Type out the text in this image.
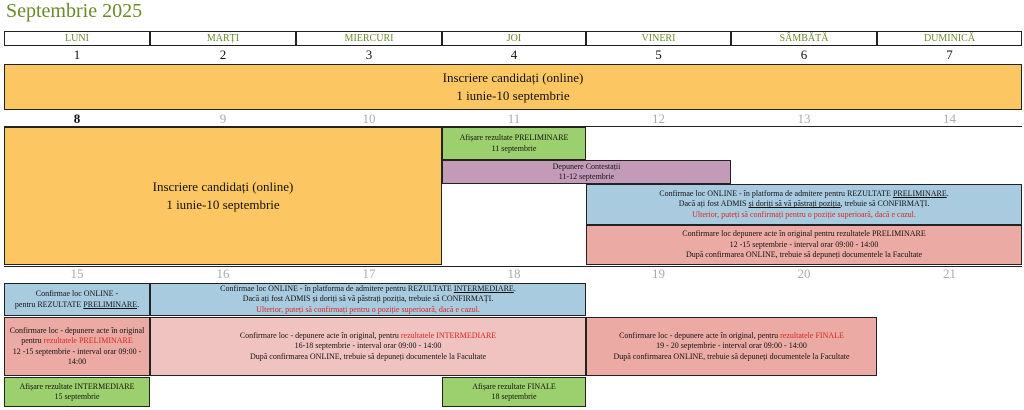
Septembrie 2025
LUNI	MARȚI	MIERCURI	JOI	VINERI	SÂMBĂTĂ	DUMINICĂ
1	2	3	4	5	6	7
Inscriere candidați (online)
1 iunie-10 septembrie
8	9	10	11	12	13	14
Inscriere candidați (online)
1 iunie-10 septembrie
Afișare rezultate PRELIMINARE
11 septembrie
Depunere Contestații
11-12 septembrie
Confirmae loc ONLINE - în platforma de admitere pentru REZULTATE PRELIMINARE.
Dacă ați fost ADMIS și doriți să vă păstrați poziția, trebuie să CONFIRMAȚI.
Ulterior, puteți să confirmați pentru o poziție superioară, dacă e cazul.
Confirmare loc depunere acte în original pentru rezultatele PRELIMINARE
12 -15 septembrie - interval orar 09:00 - 14:00
După confirmarea ONLINE, trebuie să depuneți documentele la Facultate
15	16	17	18	19	20	21
Confirmae loc ONLINE -
pentru REZULTATE PRELIMINARE.
Confirmae loc ONLINE - în platforma de admitere pentru REZULTATE INTERMEDIARE.
Dacă ați fost ADMIS și doriți să vă păstrați poziția, trebuie să CONFIRMAȚI.
Ulterior, puteți să confirmați pentru o poziție superioară, dacă e cazul.
Confirmare loc - depunere acte în original pentru rezultatele PRELIMINARE
12 -15 septembrie - interval orar 09:00 - 14:00
Confirmare loc - depunere acte în original, pentru rezultatele INTERMEDIARE
16-18 septembrie - interval orar 09:00 - 14:00
După confirmarea ONLINE, trebuie să depuneți documentele la Facultate
Confirmare loc - depunere acte în original, pentru rezultatele FINALE
19 - 20 septembrie - interval orar 09:00 - 14:00
După confirmarea ONLINE, trebuie să depuneți documentele la Facultate
Afișare rezultate INTERMEDIARE
15 septembrie
Afișare rezultate FINALE
18 septembrie
